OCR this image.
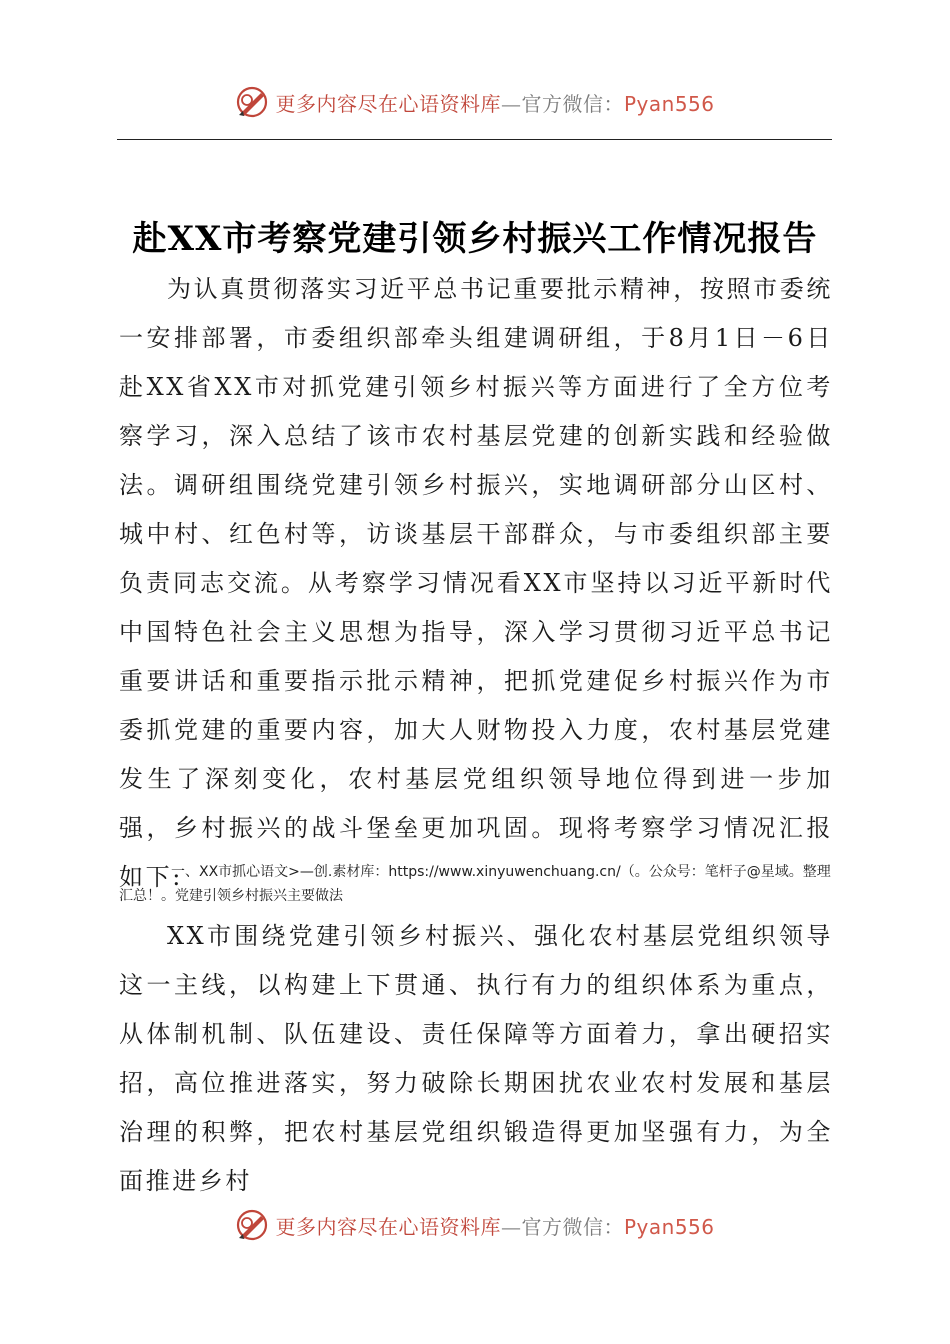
更多内容尽在心语资料库—官方微信：Pyan556
赴XX市考察党建引领乡村振兴工作情况报告

为认真贯彻落实习近平总书记重要批示精神，按照市委统一安排部署，市委组织部牵头组建调研组，于8月1日－6日赴XX省XX市对抓党建引领乡村振兴等方面进行了全方位考察学习，深入总结了该市农村基层党建的创新实践和经验做法。调研组围绕党建引领乡村振兴，实地调研部分山区村、城中村、红色村等，访谈基层干部群众，与市委组织部主要负责同志交流。从考察学习情况看XX市坚持以习近平新时代中国特色社会主义思想为指导，深入学习贯彻习近平总书记重要讲话和重要指示批示精神，把抓党建促乡村振兴作为市委抓党建的重要内容，加大人财物投入力度，农村基层党建发生了深刻变化，农村基层党组织领导地位得到进一步加强，乡村振兴的战斗堡垒更加巩固。现将考察学习情况汇报如下:

一、XX市抓心语文>—创.素材库：https://www.xinyuwenchuang.cn/（。公众号：笔杆子@星域。整理汇总！。党建引领乡村振兴主要做法

XX市围绕党建引领乡村振兴、强化农村基层党组织领导这一主线，以构建上下贯通、执行有力的组织体系为重点，从体制机制、队伍建设、责任保障等方面着力，拿出硬招实招，高位推进落实，努力破除长期困扰农业农村发展和基层治理的积弊，把农村基层党组织锻造得更加坚强有力，为全面推进乡村

更多内容尽在心语资料库—官方微信：Pyan556
